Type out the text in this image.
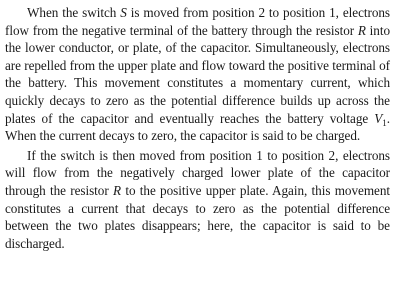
When the switch S is moved from position 2 to position 1, electrons flow from the negative terminal of the battery through the resistor R into the lower conductor, or plate, of the capacitor. Simultaneously, electrons are repelled from the upper plate and flow toward the positive terminal of the battery. This movement constitutes a momentary current, which quickly decays to zero as the potential difference builds up across the plates of the capacitor and eventually reaches the battery voltage $V_1$. When the current decays to zero, the capacitor is said to be charged.

If the switch is then moved from position 1 to position 2, electrons will flow from the negatively charged lower plate of the capacitor through the resistor R to the positive upper plate. Again, this movement constitutes a current that decays to zero as the potential difference between the two plates disappears; here, the capacitor is said to be discharged.
